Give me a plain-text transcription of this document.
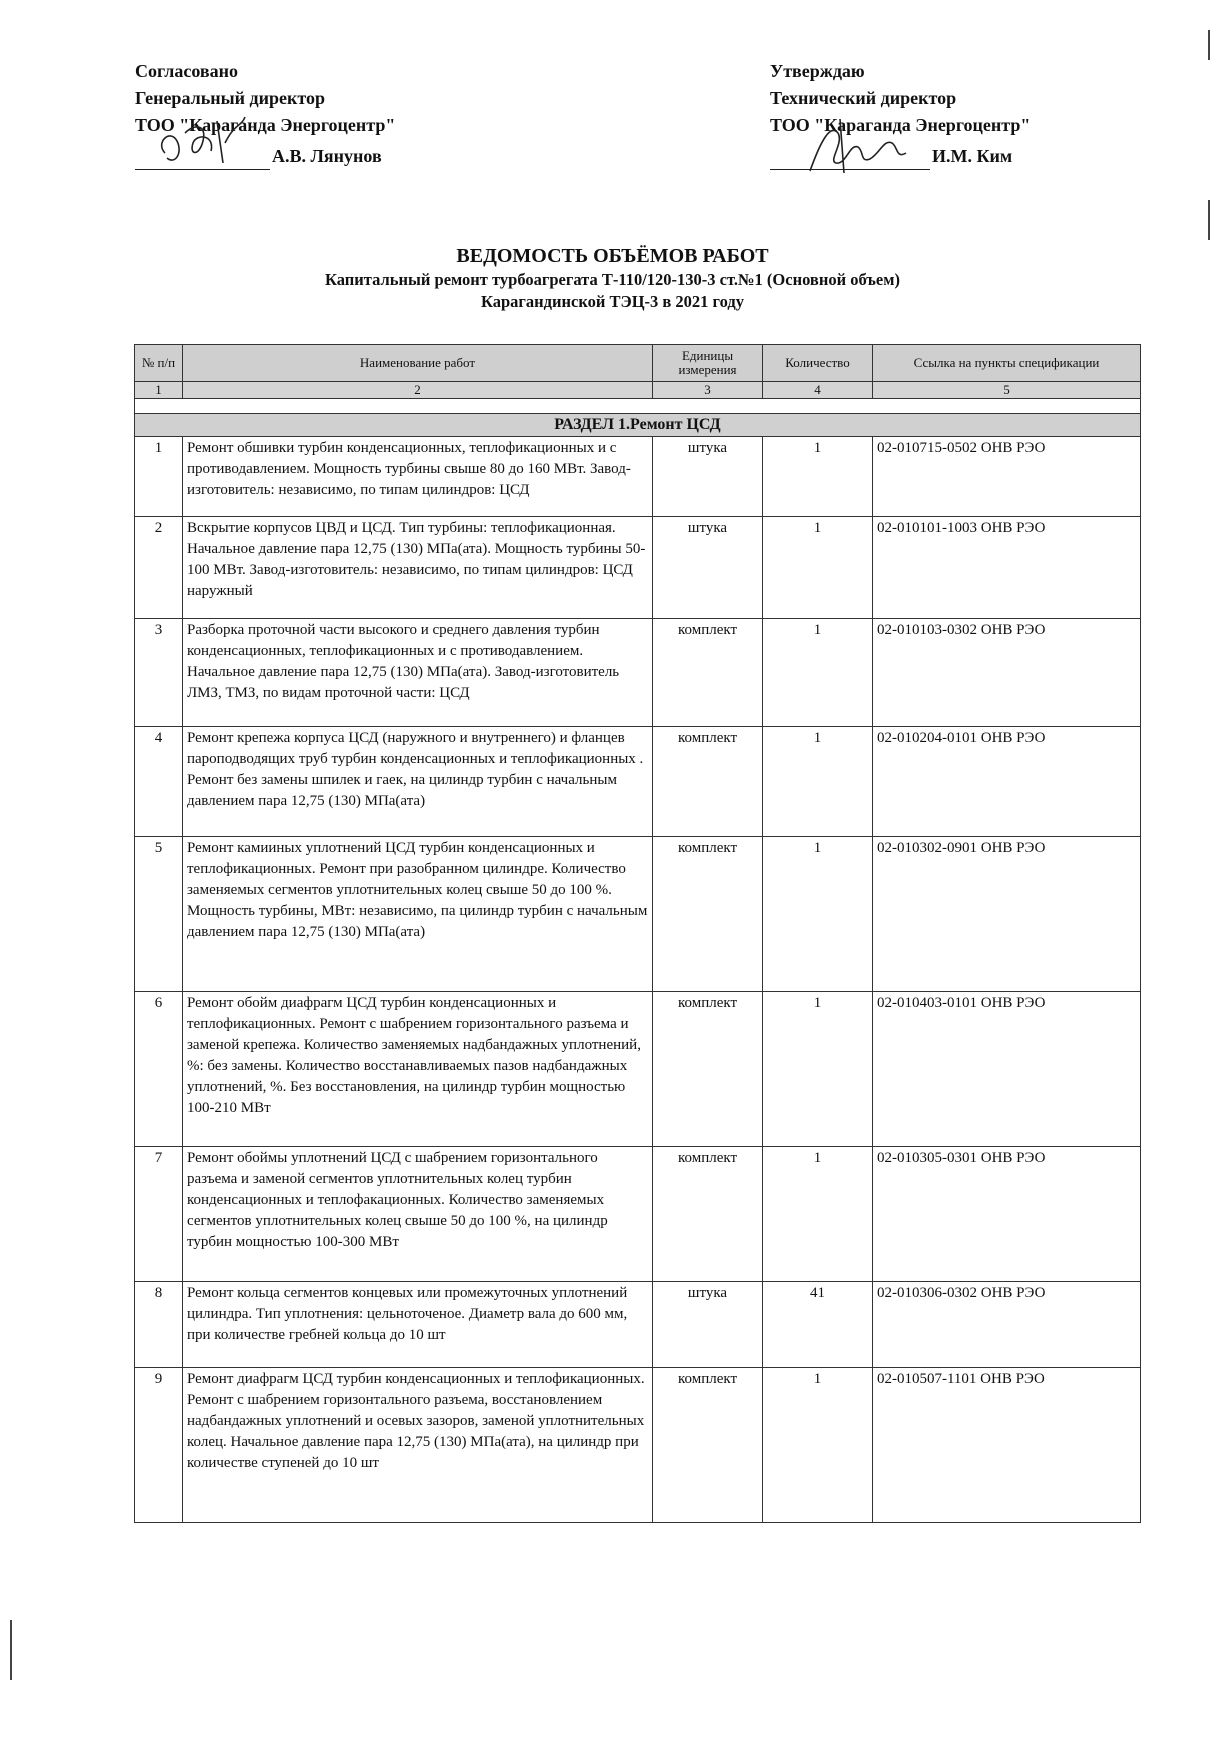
Согласовано
Генеральный директор
ТОО "Караганда Энергоцентр"
А.В. Лянунов
Утверждаю
Технический директор
ТОО "Караганда Энергоцентр"
И.М. Ким
ВЕДОМОСТЬ ОБЪЁМОВ РАБОТ
Капитальный ремонт турбоагрегата Т-110/120-130-3 ст.№1 (Основной объем)
Карагандинской ТЭЦ-3 в 2021 году
№ п/п	Наименование работ	Единицы измерения	Количество	Ссылка на пункты спецификации
1	2	3	4	5

РАЗДЕЛ 1.Ремонт ЦСД				
1	Ремонт обшивки турбин конденсационных, теплофикационных и с противодавлением. Мощность турбины свыше 80 до 160 МВт. Завод-изготовитель: независимо, по типам цилиндров: ЦСД	штука	1	02-010715-0502 ОНВ РЭО
2	Вскрытие корпусов ЦВД и ЦСД. Тип турбины: теплофикационная. Начальное давление пара 12,75 (130) МПа(ата). Мощность турбины 50-100 МВт. Завод-изготовитель: независимо, по типам цилиндров: ЦСД наружный	штука	1	02-010101-1003 ОНВ РЭО
3	Разборка проточной части высокого и среднего давления турбин конденсационных, теплофикационных и с противодавлением. Начальное давление пара 12,75 (130) МПа(ата). Завод-изготовитель ЛМЗ, ТМЗ, по видам проточной части: ЦСД	комплект	1	02-010103-0302 ОНВ РЭО
4	Ремонт крепежа корпуса ЦСД (наружного и внутреннего) и фланцев пароподводящих труб турбин конденсационных и теплофикационных . Ремонт без замены шпилек и гаек, на цилиндр турбин с начальным давлением пара 12,75 (130) МПа(ата)	комплект	1	02-010204-0101 ОНВ РЭО
5	Ремонт камииных уплотнений ЦСД турбин конденсационных и теплофикационных. Ремонт при разобранном цилиндре. Количество заменяемых сегментов уплотнительных колец свыше 50 до 100 %. Мощность турбины, МВт: независимо, па цилиндр турбин с начальным давлением пара 12,75 (130) МПа(ата)	комплект	1	02-010302-0901 ОНВ РЭО
6	Ремонт обойм диафрагм ЦСД турбин конденсационных и теплофикационных. Ремонт с шабрением горизонтального разъема и заменой крепежа. Количество заменяемых надбандажных уплотнений, %: без замены. Количество восстанавливаемых пазов надбандажных уплотнений, %. Без восстановления, на цилиндр турбин мощностью 100-210 МВт	комплект	1	02-010403-0101 ОНВ РЭО
7	Ремонт обоймы уплотнений ЦСД с шабрением горизонтального разъема и заменой сегментов уплотнительных колец турбин конденсационных и теплофакационных. Количество заменяемых сегментов уплотнительных колец свыше 50 до 100 %, на цилиндр турбин мощностью 100-300 МВт	комплект	1	02-010305-0301 ОНВ РЭО
8	Ремонт кольца сегментов концевых или промежуточных уплотнений цилиндра. Тип уплотнения: цельноточеное. Диаметр вала до 600 мм, при количестве гребней кольца до 10 шт	штука	41	02-010306-0302 ОНВ РЭО
9	Ремонт диафрагм ЦСД турбин конденсационных и теплофикационных. Ремонт с шабрением горизонтального разъема, восстановлением надбандажных уплотнений и осевых зазоров, заменой уплотнительных колец. Начальное давление пара 12,75 (130) МПа(ата), на цилиндр при количестве ступеней до 10 шт	комплект	1	02-010507-1101 ОНВ РЭО
